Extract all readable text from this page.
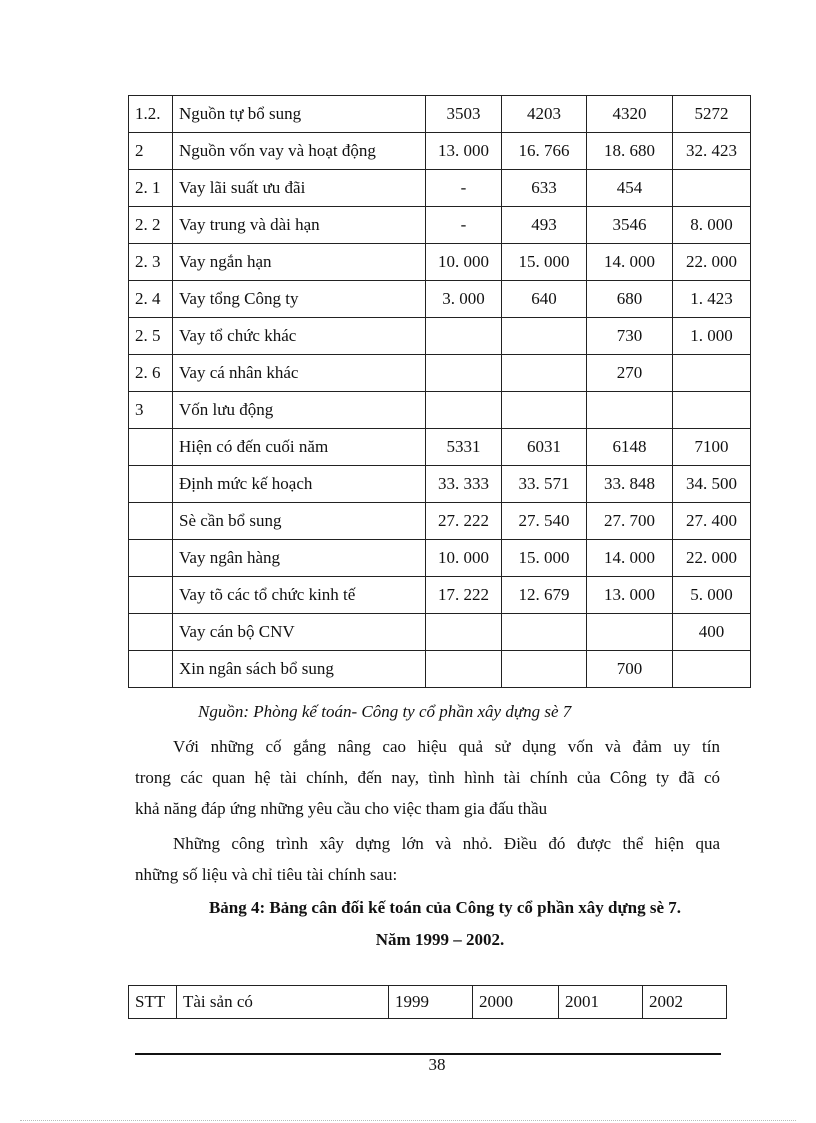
1.2.	Nguồn tự bổ sung	3503	4203	4320	5272
2	Nguồn vốn vay và hoạt động	13. 000	16. 766	18. 680	32. 423
2. 1	Vay lãi suất ưu đãi	-	633	454	
2. 2	Vay trung và dài hạn	-	493	3546	8. 000
2. 3	Vay ngắn hạn	10. 000	15. 000	14. 000	22. 000
2. 4	Vay tổng Công ty	3. 000	640	680	1. 423
2. 5	Vay tổ chức khác			730	1. 000
2. 6	Vay cá nhân khác			270	
3	Vốn lưu động				
	Hiện có đến cuối năm	5331	6031	6148	7100
	Định mức kế hoạch	33. 333	33. 571	33. 848	34. 500
	Sè cần bổ sung	27. 222	27. 540	27. 700	27. 400
	Vay ngân hàng	10. 000	15. 000	14. 000	22. 000
	Vay tõ các tổ chức kinh tế	17. 222	12. 679	13. 000	5. 000
	Vay cán bộ CNV				400
	Xin ngân sách bổ sung			700	
Nguồn: Phòng kế toán- Công ty cổ phần xây dựng sè 7
Với những cố gắng nâng cao hiệu quả sử dụng vốn và đảm uy tín
trong các quan hệ tài chính, đến nay, tình hình tài chính của Công ty đã có
khả năng đáp ứng những yêu cầu cho việc tham gia đấu thầu
Những công trình xây dựng lớn và nhỏ. Điều đó được thể hiện qua
những số liệu và chỉ tiêu tài chính sau:
Bảng 4: Bảng cân đối kế toán của Công ty cổ phần xây dựng sè 7.
Năm 1999 – 2002.
STT	Tài sản có	1999	2000	2001	2002
38
